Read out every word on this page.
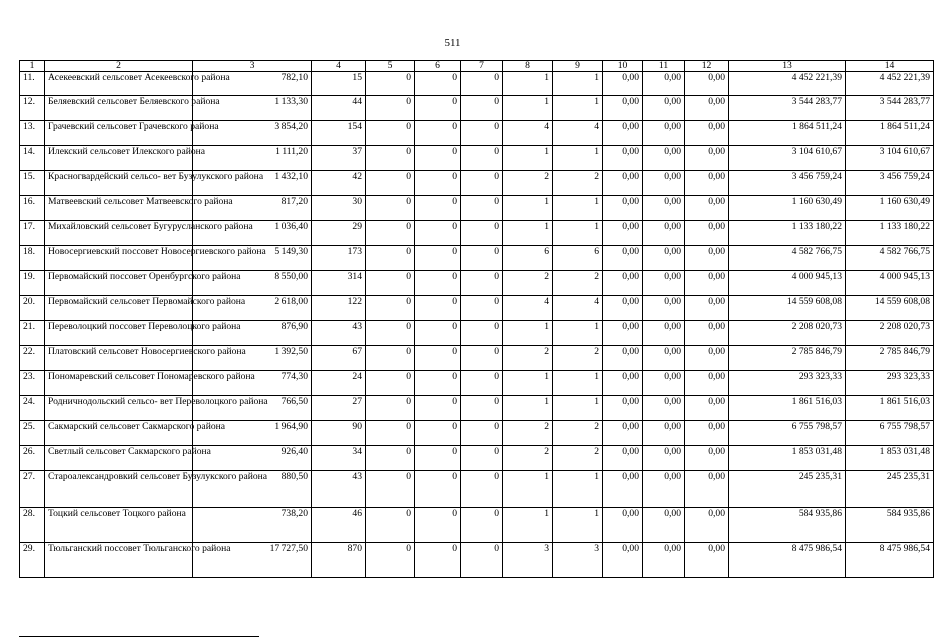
511
1	2	3	4	5	6	7	8	9	10	11	12	13	14
11.	Асекеевский сельсовет Асекеевского района	782,10	15	0	0	0	1	1	0,00	0,00	0,00	4 452 221,39	4 452 221,39
12.	Беляевский сельсовет Беляевского района	1 133,30	44	0	0	0	1	1	0,00	0,00	0,00	3 544 283,77	3 544 283,77
13.	Грачевский сельсовет Грачевского района	3 854,20	154	0	0	0	4	4	0,00	0,00	0,00	1 864 511,24	1 864 511,24
14.	Илекский сельсовет Илекского района	1 111,20	37	0	0	0	1	1	0,00	0,00	0,00	3 104 610,67	3 104 610,67
15.	Красногвардейский сельсо- вет Бузулукского района	1 432,10	42	0	0	0	2	2	0,00	0,00	0,00	3 456 759,24	3 456 759,24
16.	Матвеевский сельсовет Матвеевского района	817,20	30	0	0	0	1	1	0,00	0,00	0,00	1 160 630,49	1 160 630,49
17.	Михайловский сельсовет Бугурусланского района	1 036,40	29	0	0	0	1	1	0,00	0,00	0,00	1 133 180,22	1 133 180,22
18.	Новосергиевский поссовет Новосергиевского района	5 149,30	173	0	0	0	6	6	0,00	0,00	0,00	4 582 766,75	4 582 766,75
19.	Первомайский поссовет Оренбургского района	8 550,00	314	0	0	0	2	2	0,00	0,00	0,00	4 000 945,13	4 000 945,13
20.	Первомайский сельсовет Первомайского района	2 618,00	122	0	0	0	4	4	0,00	0,00	0,00	14 559 608,08	14 559 608,08
21.	Переволоцкий поссовет Переволоцкого района	876,90	43	0	0	0	1	1	0,00	0,00	0,00	2 208 020,73	2 208 020,73
22.	Платовский сельсовет Новосергиевского района	1 392,50	67	0	0	0	2	2	0,00	0,00	0,00	2 785 846,79	2 785 846,79
23.	Пономаревский сельсовет Пономаревского района	774,30	24	0	0	0	1	1	0,00	0,00	0,00	293 323,33	293 323,33
24.	Родничнодольский сельсо- вет Переволоцкого района	766,50	27	0	0	0	1	1	0,00	0,00	0,00	1 861 516,03	1 861 516,03
25.	Сакмарский сельсовет Сакмарского района	1 964,90	90	0	0	0	2	2	0,00	0,00	0,00	6 755 798,57	6 755 798,57
26.	Светлый сельсовет Сакмарского района	926,40	34	0	0	0	2	2	0,00	0,00	0,00	1 853 031,48	1 853 031,48
27.	Староалександровкий сельсовет Бузулукского района	880,50	43	0	0	0	1	1	0,00	0,00	0,00	245 235,31	245 235,31
28.	Тоцкий сельсовет Тоцкого района	738,20	46	0	0	0	1	1	0,00	0,00	0,00	584 935,86	584 935,86
29.	Тюльганский поссовет Тюльганского района	17 727,50	870	0	0	0	3	3	0,00	0,00	0,00	8 475 986,54	8 475 986,54
